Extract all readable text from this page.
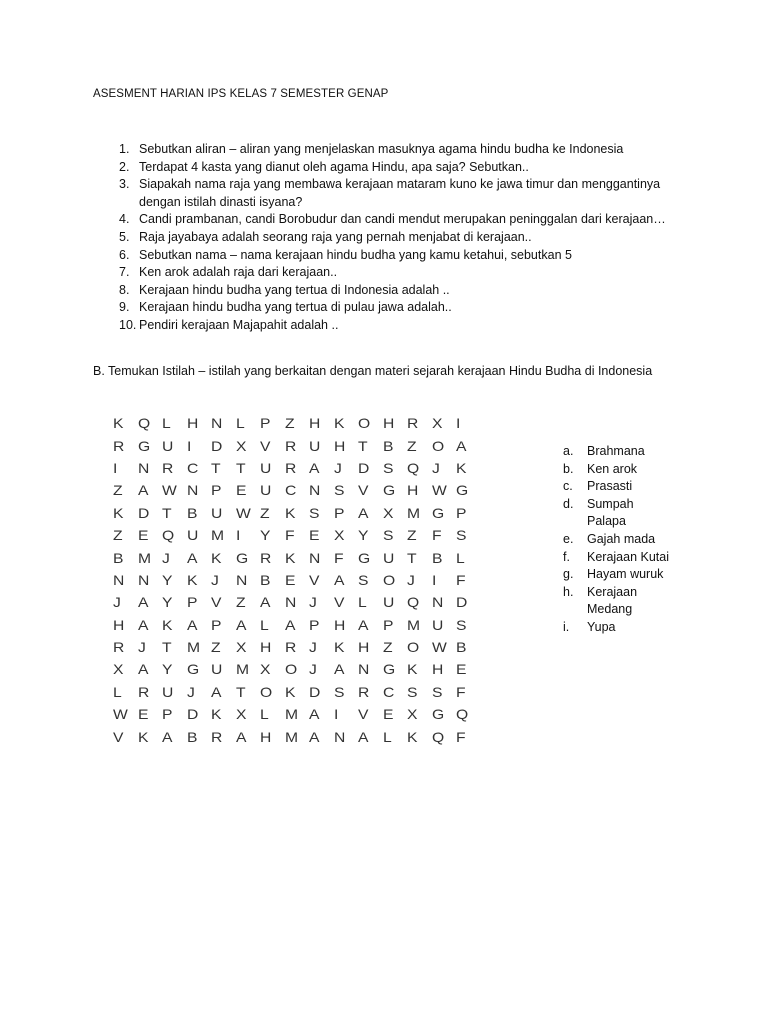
ASESMENT HARIAN IPS KELAS 7 SEMESTER GENAP
1. Sebutkan aliran – aliran yang menjelaskan masuknya agama hindu budha ke Indonesia
2. Terdapat 4 kasta yang dianut oleh agama Hindu, apa saja? Sebutkan..
3. Siapakah nama raja yang membawa kerajaan mataram kuno ke jawa timur dan menggantinya dengan istilah dinasti isyana?
4. Candi prambanan, candi Borobudur dan candi mendut merupakan peninggalan dari kerajaan…
5. Raja jayabaya adalah seorang raja yang pernah menjabat di kerajaan..
6. Sebutkan nama – nama kerajaan hindu budha yang kamu ketahui, sebutkan 5
7. Ken arok adalah raja dari kerajaan..
8. Kerajaan hindu budha yang tertua di Indonesia adalah ..
9. Kerajaan hindu budha yang tertua di pulau jawa adalah..
10. Pendiri kerajaan Majapahit adalah ..
B. Temukan Istilah – istilah yang berkaitan dengan materi sejarah kerajaan Hindu Budha di Indonesia
K	Q L	H N L	P	Z	H K	O H R X	I
R G U I	D X	V	R U H T	B	Z	O A
I	N R C T	T	U R A	J	D S	Q J	K
Z	A	W N P	E	U C N S	V	G H W G
K	D T	B	U W Z	K	S	P	A	X	M G P
Z	E	Q U M I	Y	F	E	X	Y	S	Z	F	S
B	M J	A	K	G R K	N F	G U T	B	L
N N Y	K	J	N B	E	V	A	S	O J	I	F
J	A	Y	P	V	Z	A	N J	V	L	U Q N D
H A	K	A	P	A	L	A	P	H A	P	M U S
R J	T	M Z	X	H R J	K	H Z	O W B
X	A	Y	G U M X	O J	A	N G K	H E
L	R U J	A	T	O K	D S	R C S	S	F
W E	P	D K	X	L	M A	I	V	E	X	G Q
V	K	A	B	R A	H M A	N A	L	K	Q F
a.	Brahmana
b.	Ken arok
c.	Prasasti
d.	Sumpah
Palapa
e.	Gajah mada
f.	Kerajaan Kutai
g.	Hayam wuruk
h.	Kerajaan
Medang
i.	Yupa
